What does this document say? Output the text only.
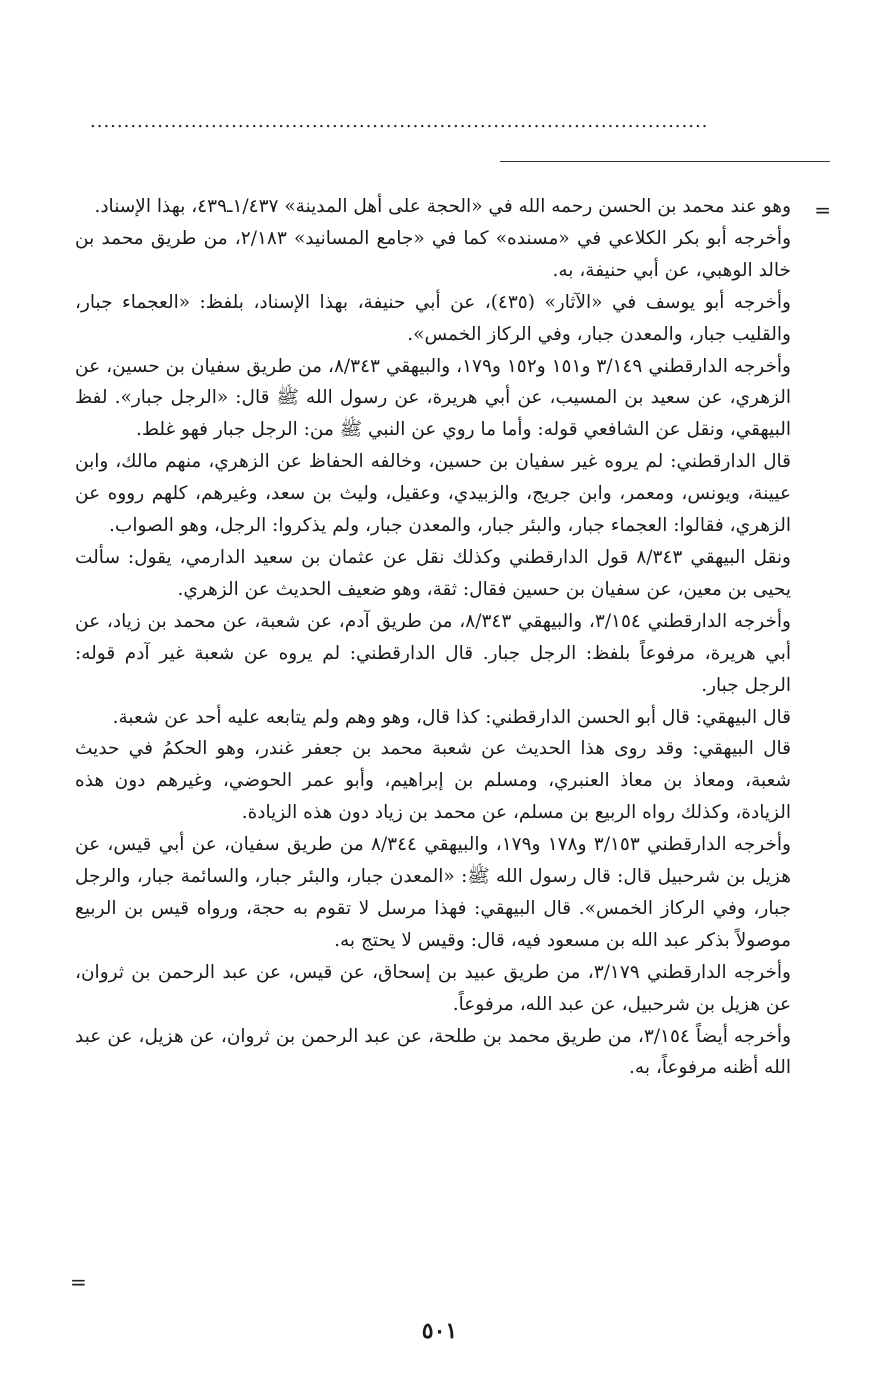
............................................................................................
=

وهو عند محمد بن الحسن رحمه الله في «الحجة على أهل المدينة» ١/٤٣٧ـ٤٣٩، بهذا الإسناد.

وأخرجه أبو بكر الكلاعي في «مسنده» كما في «جامع المسانيد» ٢/١٨٣، من طريق محمد بن خالد الوهبي، عن أبي حنيفة، به.

وأخرجه أبو يوسف في «الآثار» (٤٣٥)، عن أبي حنيفة، بهذا الإسناد، بلفظ: «العجماء جبار، والقليب جبار، والمعدن جبار، وفي الركاز الخمس».

وأخرجه الدارقطني ٣/١٤٩ و١٥١ و١٥٢ و١٧٩، والبيهقي ٨/٣٤٣، من طريق سفيان بن حسين، عن الزهري، عن سعيد بن المسيب، عن أبي هريرة، عن رسول الله ﷺ قال: «الرجل جبار». لفظ البيهقي، ونقل عن الشافعي قوله: وأما ما روي عن النبي ﷺ من: الرجل جبار فهو غلط.

قال الدارقطني: لم يروه غير سفيان بن حسين، وخالفه الحفاظ عن الزهري، منهم مالك، وابن عيينة، ويونس، ومعمر، وابن جريج، والزبيدي، وعقيل، وليث بن سعد، وغيرهم، كلهم رووه عن الزهري، فقالوا: العجماء جبار، والبئر جبار، والمعدن جبار، ولم يذكروا: الرجل، وهو الصواب.

ونقل البيهقي ٨/٣٤٣ قول الدارقطني وكذلك نقل عن عثمان بن سعيد الدارمي، يقول: سألت يحيى بن معين، عن سفيان بن حسين فقال: ثقة، وهو ضعيف الحديث عن الزهري.

وأخرجه الدارقطني ٣/١٥٤، والبيهقي ٨/٣٤٣، من طريق آدم، عن شعبة، عن محمد بن زياد، عن أبي هريرة، مرفوعاً بلفظ: الرجل جبار. قال الدارقطني: لم يروه عن شعبة غير آدم قوله: الرجل جبار.

قال البيهقي: قال أبو الحسن الدارقطني: كذا قال، وهو وهم ولم يتابعه عليه أحد عن شعبة.

قال البيهقي: وقد روى هذا الحديث عن شعبة محمد بن جعفر غندر، وهو الحكمُ في حديث شعبة، ومعاذ بن معاذ العنبري، ومسلم بن إبراهيم، وأبو عمر الحوضي، وغيرهم دون هذه الزيادة، وكذلك رواه الربيع بن مسلم، عن محمد بن زياد دون هذه الزيادة.

وأخرجه الدارقطني ٣/١٥٣ و١٧٨ و١٧٩، والبيهقي ٨/٣٤٤ من طريق سفيان، عن أبي قيس، عن هزيل بن شرحبيل قال: قال رسول الله ﷺ: «المعدن جبار، والبئر جبار، والسائمة جبار، والرجل جبار، وفي الركاز الخمس». قال البيهقي: فهذا مرسل لا تقوم به حجة، ورواه قيس بن الربيع موصولاً بذكر عبد الله بن مسعود فيه، قال: وقيس لا يحتج به.

وأخرجه الدارقطني ٣/١٧٩، من طريق عبيد بن إسحاق، عن قيس، عن عبد الرحمن بن ثروان، عن هزيل بن شرحبيل، عن عبد الله، مرفوعاً.

وأخرجه أيضاً ٣/١٥٤، من طريق محمد بن طلحة، عن عبد الرحمن بن ثروان، عن هزيل، عن عبد الله أظنه مرفوعاً، به.

=
٥٠١
